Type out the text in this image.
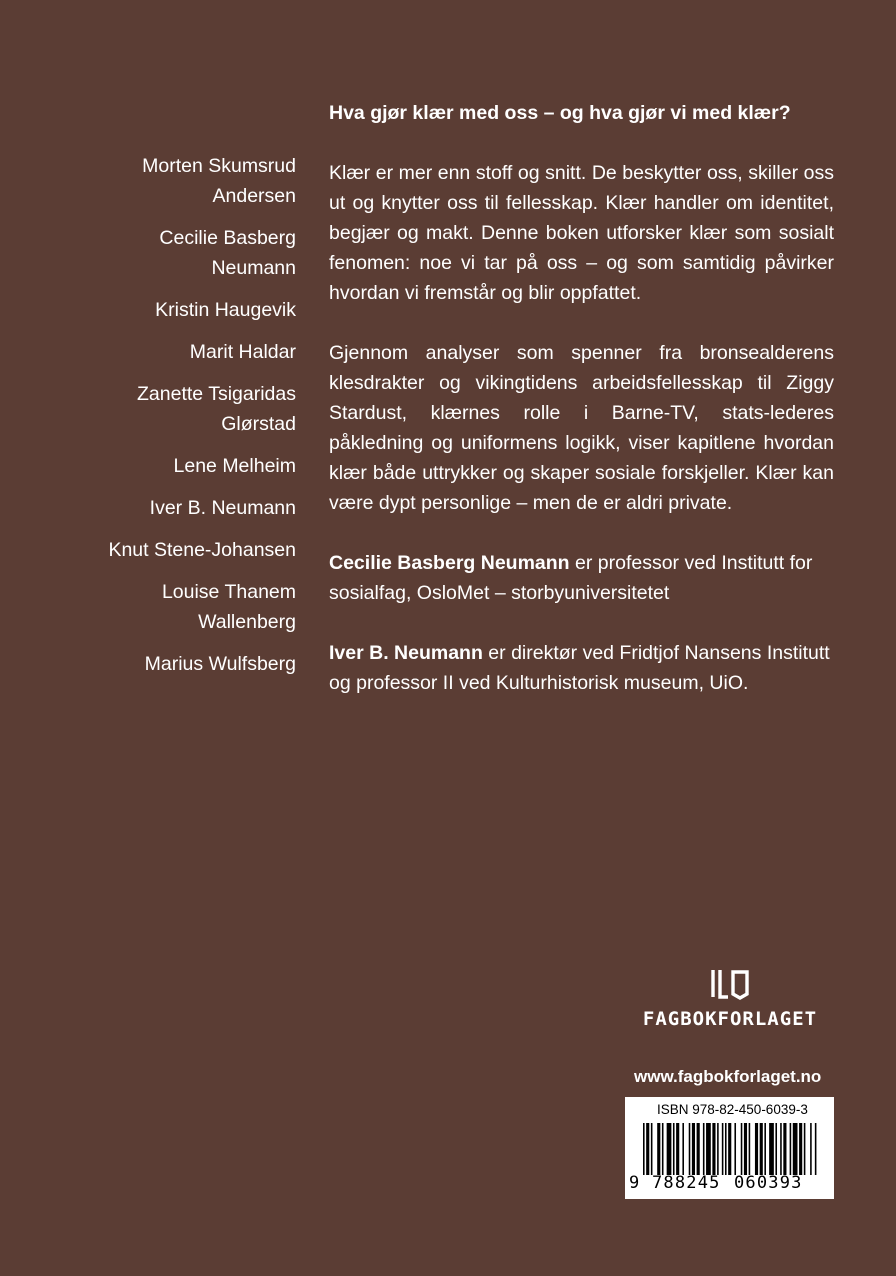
Morten Skumsrud
Andersen
Cecilie Basberg
Neumann
Kristin Haugevik
Marit Haldar
Zanette Tsigaridas
Glørstad
Lene Melheim
Iver B. Neumann
Knut Stene-Johansen
Louise Thanem
Wallenberg
Marius Wulfsberg

Hva gjør klær med oss – og hva gjør vi med klær?

Klær er mer enn stoff og snitt. De beskytter oss, skiller oss ut og knytter oss til fellesskap. Klær handler om identitet, begjær og makt. Denne boken utforsker klær som sosialt fenomen: noe vi tar på oss – og som samtidig påvirker hvordan vi fremstår og blir oppfattet.

Gjennom analyser som spenner fra bronsealderens klesdrakter og vikingtidens arbeidsfellesskap til Ziggy Stardust, klærnes rolle i Barne-TV, stats-lederes påkledning og uniformens logikk, viser kapitlene hvordan klær både uttrykker og skaper sosiale forskjeller. Klær kan være dypt personlige – men de er aldri private.

Cecilie Basberg Neumann er professor ved Institutt for sosialfag, OsloMet – storbyuniversitetet

Iver B. Neumann er direktør ved Fridtjof Nansens Institutt og professor II ved Kulturhistorisk museum, UiO.

FAGBOKFORLAGET
www.fagbokforlaget.no
ISBN 978-82-450-6039-3
9 788245 060393
